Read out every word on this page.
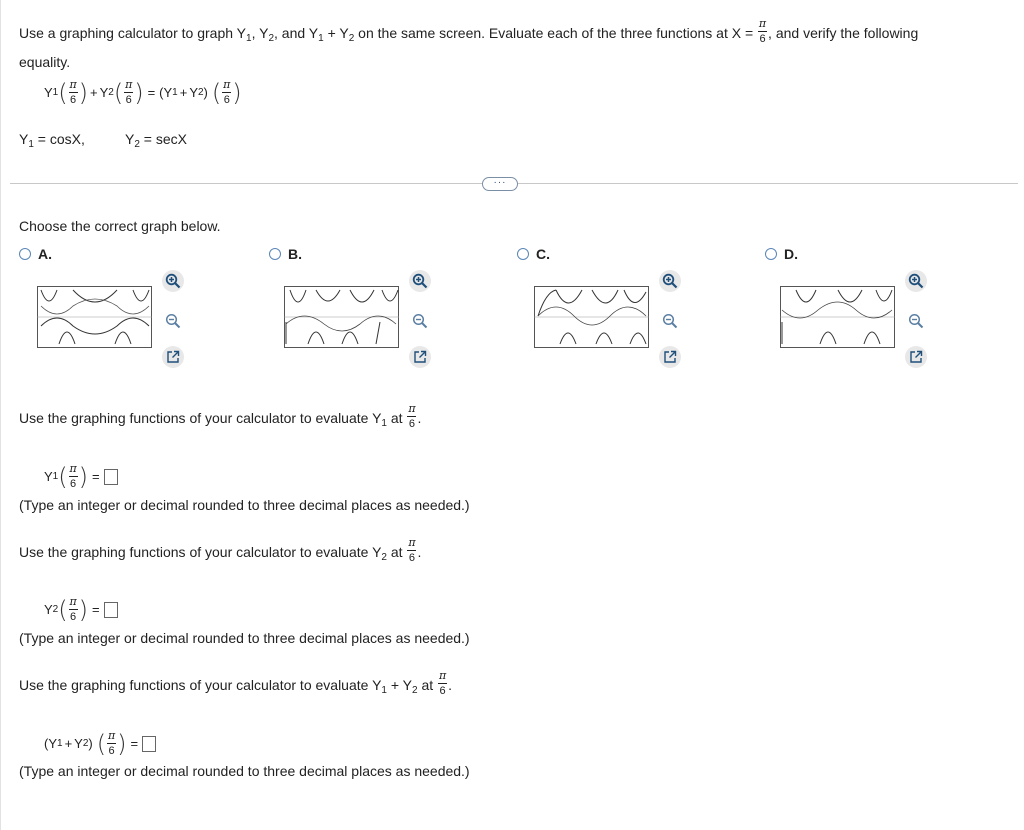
Use a graphing calculator to graph $Y_1$, $Y_2$, and $Y_1 + Y_2$ on the same screen. Evaluate each of the three functions at $X = \frac{\pi}{6}$ , and verify the following
equality.
Y 1 ( $\frac{\pi}{6}$ ) + Y 2 ( $\frac{\pi}{6}$ ) = (Y 1 + Y 2 ) ( $\frac{\pi}{6}$ )
$Y_1 = \cos X$,	$Y_2 = \sec X$
···
Choose the correct graph below.
A.	B.	C.	D.
Use the graphing functions of your calculator to evaluate $Y_1$ at $\frac{\pi}{6}$ .
Y 1 ( $\frac{\pi}{6}$ ) =
(Type an integer or decimal rounded to three decimal places as needed.)
Use the graphing functions of your calculator to evaluate $Y_2$ at $\frac{\pi}{6}$ .
Y 2 ( $\frac{\pi}{6}$ ) =
(Type an integer or decimal rounded to three decimal places as needed.)
Use the graphing functions of your calculator to evaluate $Y_1 + Y_2$ at $\frac{\pi}{6}$ .
(Y 1 + Y 2 ) ( $\frac{\pi}{6}$ ) =
(Type an integer or decimal rounded to three decimal places as needed.)
